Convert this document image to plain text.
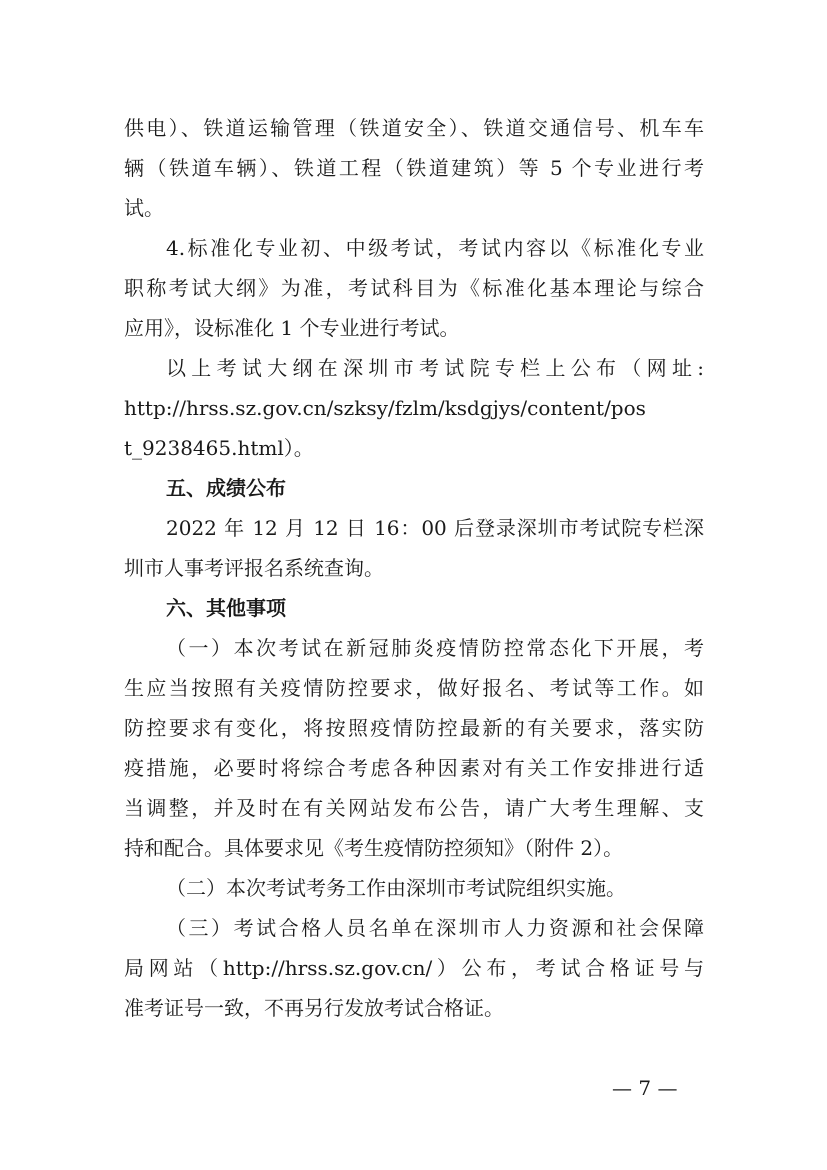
供电）、铁道运输管理（铁道安全）、铁道交通信号、机车车
辆（铁道车辆）、铁道工程（铁道建筑）等 5 个专业进行考
试。
4.标准化专业初、中级考试，考试内容以《标准化专业
职称考试大纲》为准，考试科目为《标准化基本理论与综合
应用》，设标准化 1 个专业进行考试。
以上考试大纲在深圳市考试院专栏上公布（网址:
http://hrss.sz.gov.cn/szksy/fzlm/ksdgjys/content/pos
t_9238465.html）。
五、成绩公布
2022 年 12 月 12 日 16：00 后登录深圳市考试院专栏深
圳市人事考评报名系统查询。
六、其他事项
（一）本次考试在新冠肺炎疫情防控常态化下开展，考
生应当按照有关疫情防控要求，做好报名、考试等工作。如
防控要求有变化，将按照疫情防控最新的有关要求，落实防
疫措施，必要时将综合考虑各种因素对有关工作安排进行适
当调整，并及时在有关网站发布公告，请广大考生理解、支
持和配合。具体要求见《考生疫情防控须知》（附件 2）。
（二）本次考试考务工作由深圳市考试院组织实施。
（三）考试合格人员名单在深圳市人力资源和社会保障
局网站（http://hrss.sz.gov.cn/）公布，考试合格证号与
准考证号一致，不再另行发放考试合格证。
— 7 —
